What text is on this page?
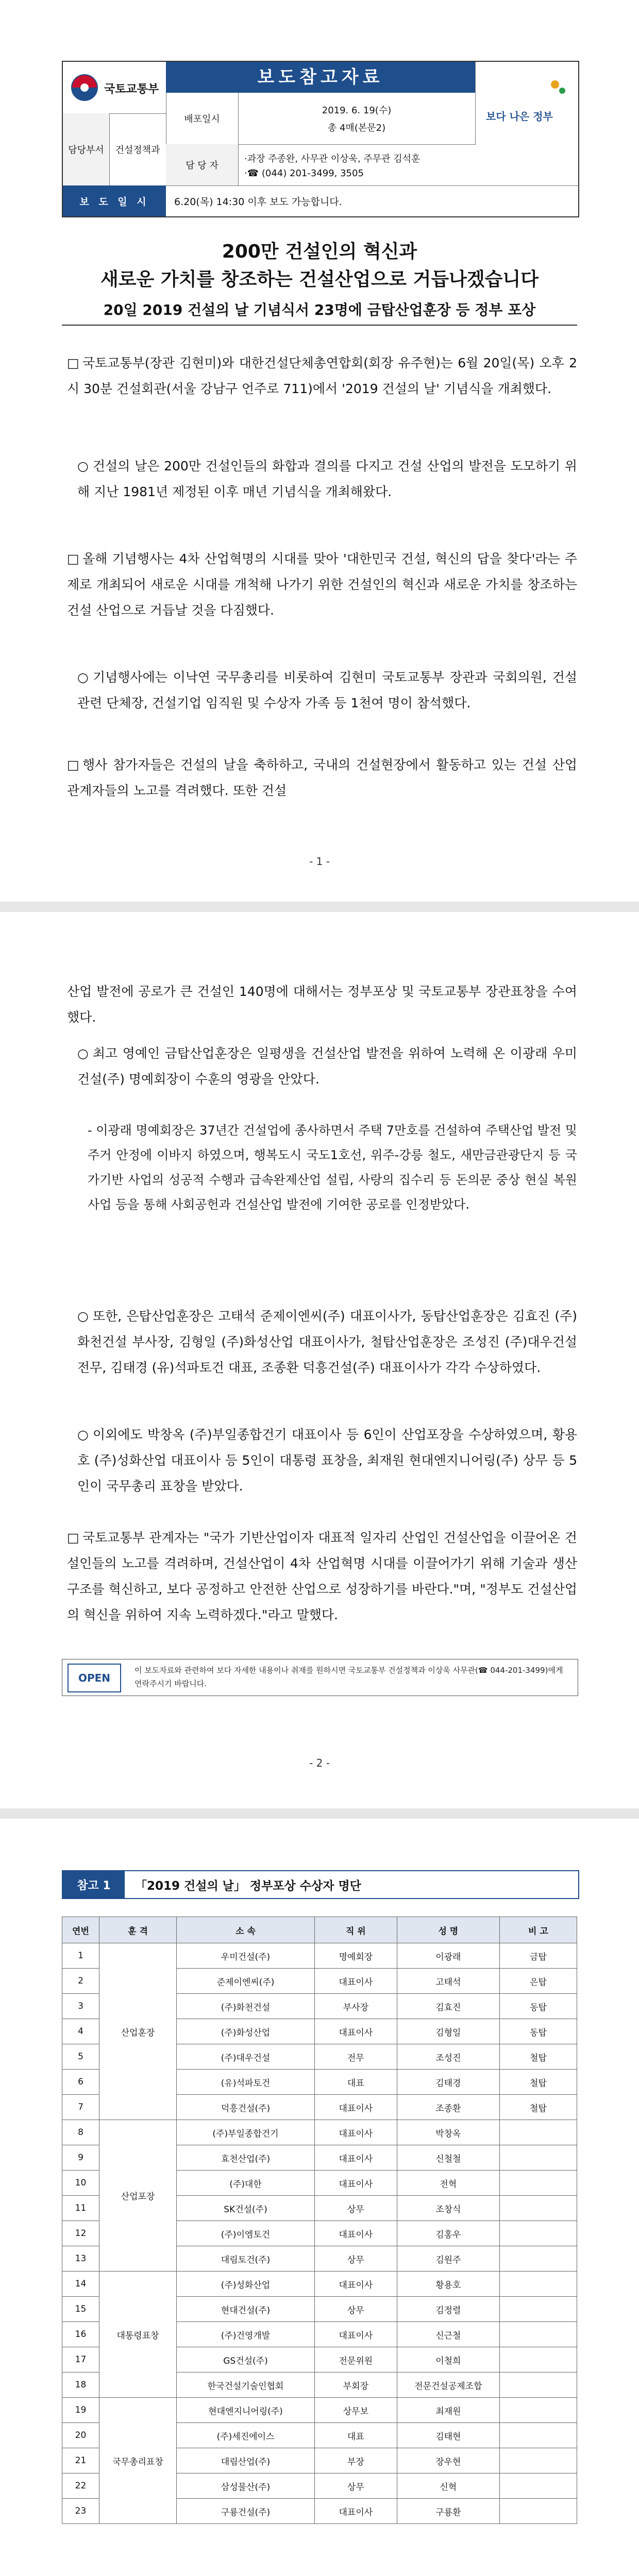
국토교통부
보도참고자료
배포일시
2019. 6. 19(수)
총 4매(본문2)
보다 나은 정부
담당부서	건설정책과
담 당 자
·과장 주종완, 사무관 이상욱, 주무관 김석훈
·☎ (044) 201-3499, 3505
보 도 일 시	6.20(목) 14:30 이후 보도 가능합니다.
200만 건설인의 혁신과
새로운 가치를 창조하는 건설산업으로 거듭나겠습니다
20일 2019 건설의 날 기념식서 23명에 금탑산업훈장 등 정부 포상
□ 국토교통부(장관 김현미)와 대한건설단체총연합회(회장 유주현)는 6월 20일(목) 오후 2시 30분 건설회관(서울 강남구 언주로 711)에서 '2019 건설의 날' 기념식을 개최했다.
○ 건설의 날은 200만 건설인들의 화합과 결의를 다지고 건설 산업의 발전을 도모하기 위해 지난 1981년 제정된 이후 매년 기념식을 개최해왔다.
□ 올해 기념행사는 4차 산업혁명의 시대를 맞아 '대한민국 건설, 혁신의 답을 찾다'라는 주제로 개최되어 새로운 시대를 개척해 나가기 위한 건설인의 혁신과 새로운 가치를 창조하는 건설 산업으로 거듭날 것을 다짐했다.
○ 기념행사에는 이낙연 국무총리를 비롯하여 김현미 국토교통부 장관과 국회의원, 건설 관련 단체장, 건설기업 임직원 및 수상자 가족 등 1천여 명이 참석했다.
□ 행사 참가자들은 건설의 날을 축하하고, 국내의 건설현장에서 활동하고 있는 건설 산업 관계자들의 노고를 격려했다. 또한 건설
- 1 -
산업 발전에 공로가 큰 건설인 140명에 대해서는 정부포상 및 국토교통부 장관표창을 수여했다.
○ 최고 영예인 금탑산업훈장은 일평생을 건설산업 발전을 위하여 노력해 온 이광래 우미건설(주) 명예회장이 수훈의 영광을 안았다.
- 이광래 명예회장은 37년간 건설업에 종사하면서 주택 7만호를 건설하여 주택산업 발전 및 주거 안정에 이바지 하였으며, 행복도시 국도1호선, 위주-강릉 철도, 새만금관광단지 등 국가기반 사업의 성공적 수행과 급속완제산업 설립, 사랑의 집수리 등 돈의문 중상 현실 복원 사업 등을 통해 사회공헌과 건설산업 발전에 기여한 공로를 인정받았다.
○ 또한, 은탑산업훈장은 고태석 준제이엔씨(주) 대표이사가, 동탑산업훈장은 김효진 (주)화천건설 부사장, 김형일 (주)화성산업 대표이사가, 철탑산업훈장은 조성진 (주)대우건설 전무, 김태경 (유)석파토건 대표, 조종환 덕흥건설(주) 대표이사가 각각 수상하였다.
○ 이외에도 박창옥 (주)부일종합건기 대표이사 등 6인이 산업포장을 수상하였으며, 황용호 (주)성화산업 대표이사 등 5인이 대통령 표창을, 최재원 현대엔지니어링(주) 상무 등 5인이 국무총리 표창을 받았다.
□ 국토교통부 관계자는 "국가 기반산업이자 대표적 일자리 산업인 건설산업을 이끌어온 건설인들의 노고를 격려하며, 건설산업이 4차 산업혁명 시대를 이끌어가기 위해 기술과 생산구조를 혁신하고, 보다 공정하고 안전한 산업으로 성장하기를 바란다."며, "정부도 건설산업의 혁신을 위하여 지속 노력하겠다."라고 말했다.
OPEN
이 보도자료와 관련하여 보다 자세한 내용이나 취재를 원하시면 국토교통부 건설정책과 이상욱 사무관(☎ 044-201-3499)에게 연락주시기 바랍니다.
- 2 -
참고 1	「2019 건설의 날」 정부포상 수상자 명단
연번	훈 격	소 속	직 위	성 명	비 고
1	산업훈장	우미건설(주)	명예회장	이광래	금탑
2		준제이엔씨(주)	대표이사	고태석	은탑
3		(주)화천건설	부사장	김효진	동탑
4		(주)화성산업	대표이사	김형일	동탑
5		(주)대우건설	전무	조성진	철탑
6		(유)석파토건	대표	김태경	철탑
7		덕흥건설(주)	대표이사	조종환	철탑
8	산업포장	(주)부일종합건기	대표이사	박창옥	
9		효천산업(주)	대표이사	신철철	
10		(주)대한	대표이사	전혁	
11		SK건설(주)	상무	조창식	
12		(주)이엠토건	대표이사	김홍우	
13		대림토건(주)	상무	김원주	
14	대통령표창	(주)성화산업	대표이사	황용호	
15		현대건설(주)	상무	김정렬	
16		(주)건영개발	대표이사	신근철	
17		GS건설(주)	전문위원	이철희	
18		한국건설기술인협회	부회장	전문건설공제조합	
19	국무총리표창	현대엔지니어링(주)	상무보	최재원	
20		(주)세진에이스	대표	김태현	
21		대림산업(주)	부장	장우현	
22		삼성물산(주)	상무	신혁	
23		구룡건설(주)	대표이사	구룡환	
